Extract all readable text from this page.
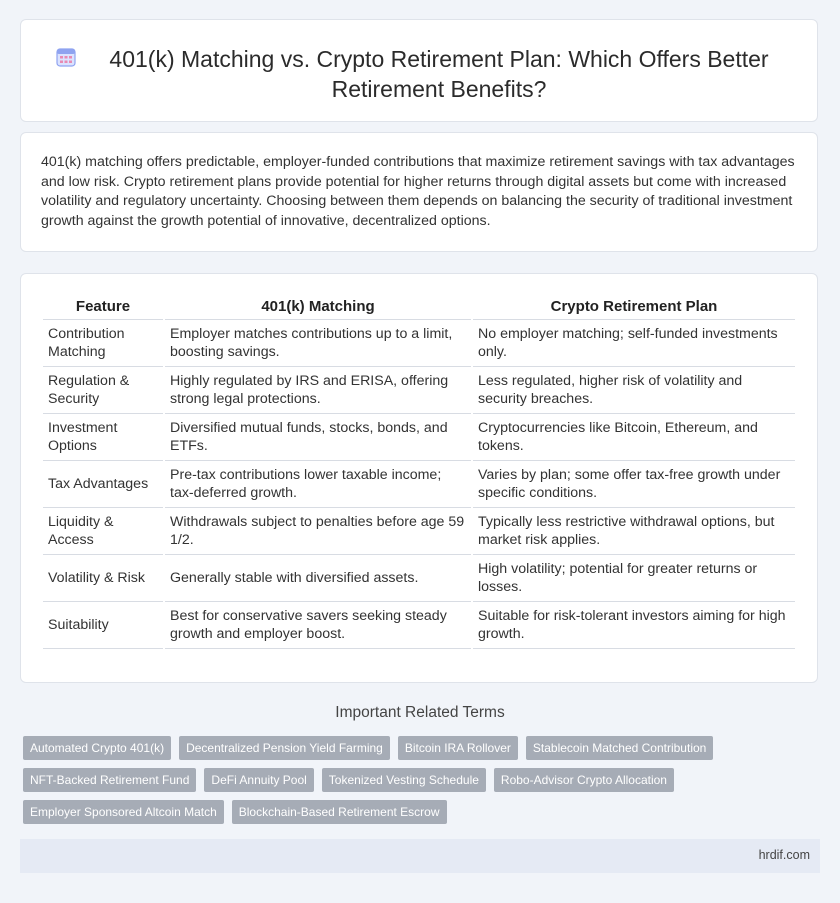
401(k) Matching vs. Crypto Retirement Plan: Which Offers Better Retirement Benefits?

401(k) matching offers predictable, employer-funded contributions that maximize retirement savings with tax advantages and low risk. Crypto retirement plans provide potential for higher returns through digital assets but come with increased volatility and regulatory uncertainty. Choosing between them depends on balancing the security of traditional investment growth against the growth potential of innovative, decentralized options.

Feature	401(k) Matching	Crypto Retirement Plan
Contribution Matching	Employer matches contributions up to a limit, boosting savings.	No employer matching; self-funded investments only.
Regulation & Security	Highly regulated by IRS and ERISA, offering strong legal protections.	Less regulated, higher risk of volatility and security breaches.
Investment Options	Diversified mutual funds, stocks, bonds, and ETFs.	Cryptocurrencies like Bitcoin, Ethereum, and tokens.
Tax Advantages	Pre-tax contributions lower taxable income; tax-deferred growth.	Varies by plan; some offer tax-free growth under specific conditions.
Liquidity & Access	Withdrawals subject to penalties before age 59 1/2.	Typically less restrictive withdrawal options, but market risk applies.
Volatility & Risk	Generally stable with diversified assets.	High volatility; potential for greater returns or losses.
Suitability	Best for conservative savers seeking steady growth and employer boost.	Suitable for risk-tolerant investors aiming for high growth.
Important Related Terms
Automated Crypto 401(k)	Decentralized Pension Yield Farming	Bitcoin IRA Rollover	Stablecoin Matched Contribution
NFT-Backed Retirement Fund	DeFi Annuity Pool	Tokenized Vesting Schedule	Robo-Advisor Crypto Allocation
Employer Sponsored Altcoin Match	Blockchain-Based Retirement Escrow
hrdif.com
